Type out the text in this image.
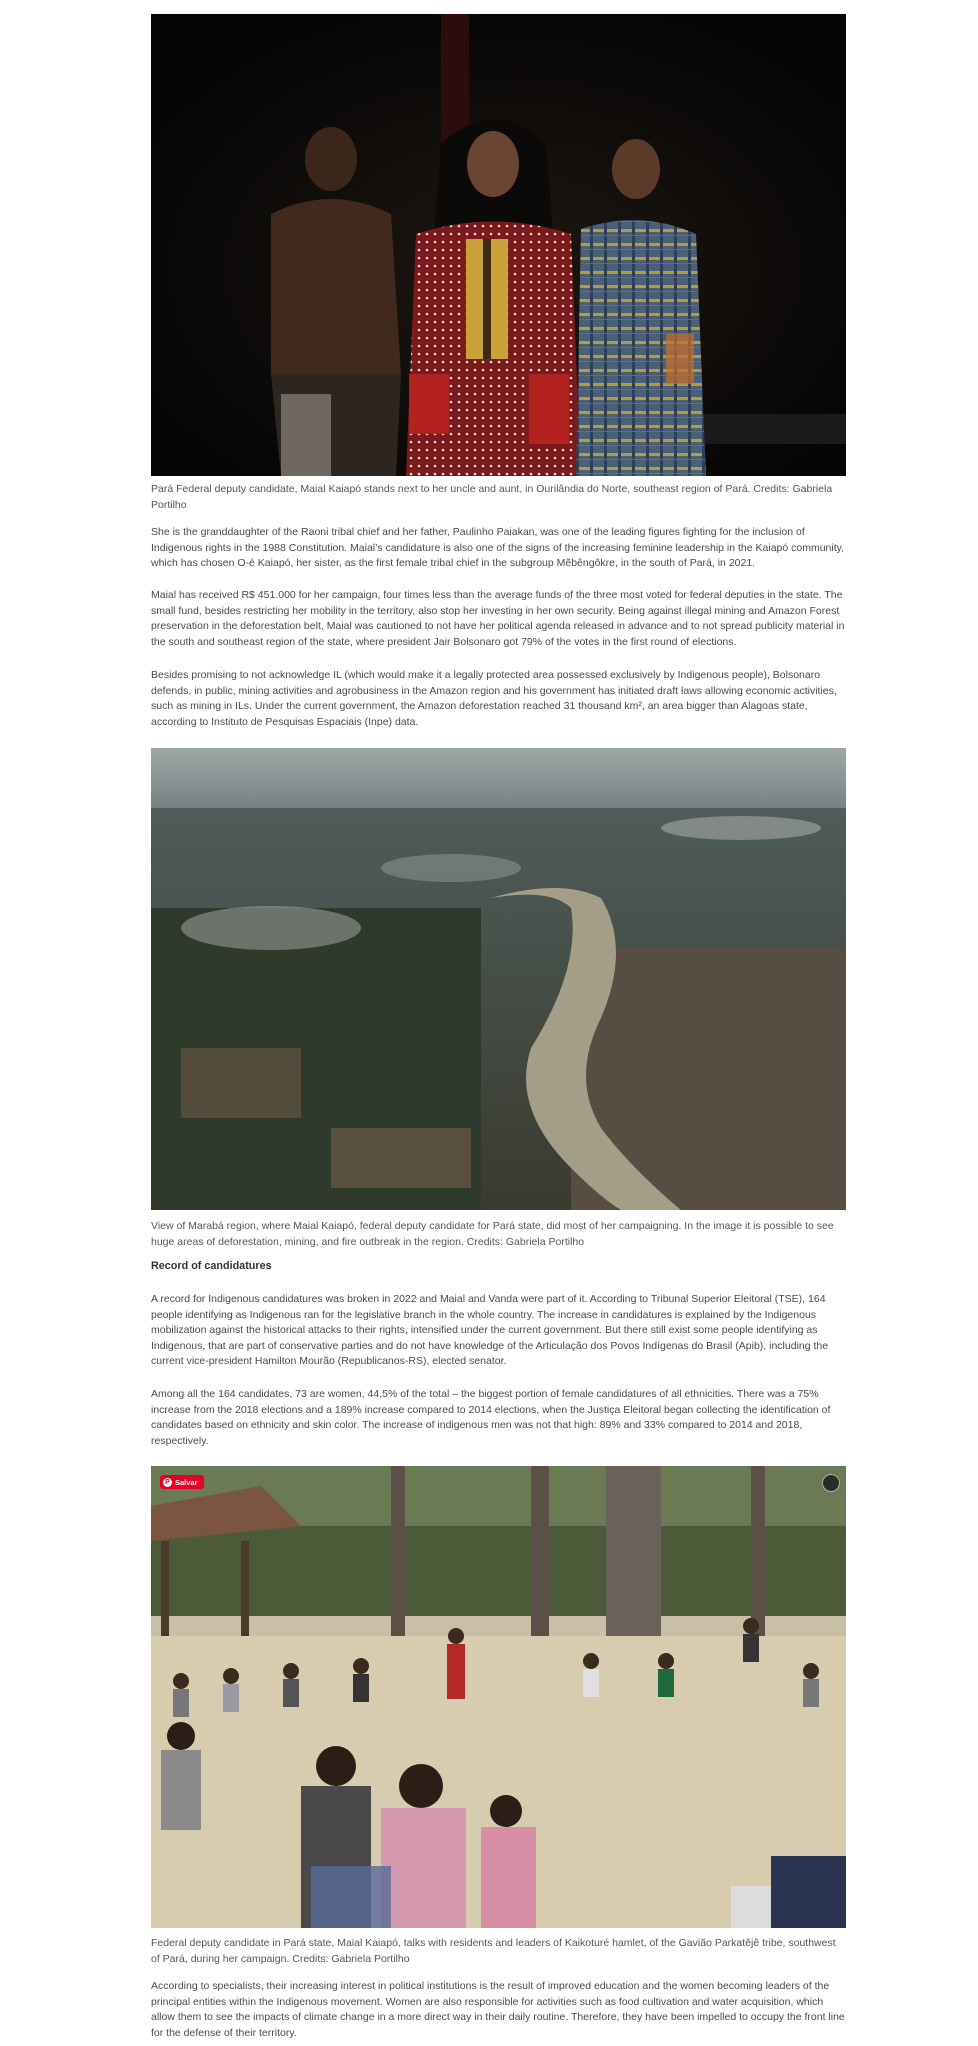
Pará Federal deputy candidate, Maial Kaiapó stands next to her uncle and aunt, in Ourilândia do Norte, southeast region of Pará. Credits: Gabriela Portilho
She is the granddaughter of the Raoni tribal chief and her father, Paulinho Paiakan, was one of the leading figures fighting for the inclusion of Indigenous rights in the 1988 Constitution. Maial’s candidature is also one of the signs of the increasing feminine leadership in the Kaiapó community, which has chosen O-é Kaiapó, her sister, as the first female tribal chief in the subgroup Mẽbêngôkre, in the south of Pará, in 2021.
Maial has received R$ 451.000 for her campaign, four times less than the average funds of the three most voted for federal deputies in the state. The small fund, besides restricting her mobility in the territory, also stop her investing in her own security. Being against illegal mining and Amazon Forest preservation in the deforestation belt, Maial was cautioned to not have her political agenda released in advance and to not spread publicity material in the south and southeast region of the state, where president Jair Bolsonaro got 79% of the votes in the first round of elections.
Besides promising to not acknowledge IL (which would make it a legally protected area possessed exclusively by Indigenous people), Bolsonaro defends, in public, mining activities and agrobusiness in the Amazon region and his government has initiated draft laws allowing economic activities, such as mining in ILs. Under the current government, the Amazon deforestation reached 31 thousand km², an area bigger than Alagoas state, according to Instituto de Pesquisas Espaciais (Inpe) data.
View of Marabá region, where Maial Kaiapó, federal deputy candidate for Pará state, did most of her campaigning. In the image it is possible to see huge areas of deforestation, mining, and fire outbreak in the region. Credits: Gabriela Portilho
Record of candidatures
A record for Indigenous candidatures was broken in 2022 and Maial and Vanda were part of it. According to Tribunal Superior Eleitoral (TSE), 164 people identifying as Indigenous ran for the legislative branch in the whole country. The increase in candidatures is explained by the Indigenous mobilization against the historical attacks to their rights, intensified under the current government. But there still exist some people identifying as Indigenous, that are part of conservative parties and do not have knowledge of the Articulação dos Povos Indígenas do Brasil (Apib), including the current vice-president Hamilton Mourão (Republicanos-RS), elected senator.
Among all the 164 candidates, 73 are women, 44,5% of the total – the biggest portion of female candidatures of all ethnicities. There was a 75% increase from the 2018 elections and a 189% increase compared to 2014 elections, when the Justiça Eleitoral began collecting the identification of candidates based on ethnicity and skin color. The increase of indigenous men was not that high: 89% and 33% compared to 2014 and 2018, respectively.
P Salvar
Federal deputy candidate in Pará state, Maial Kaiapó, talks with residents and leaders of Kaikoturé hamlet, of the Gavião Parkatêjê tribe, southwest of Pará, during her campaign. Credits: Gabriela Portilho
According to specialists, their increasing interest in political institutions is the result of improved education and the women becoming leaders of the principal entities within the Indigenous movement. Women are also responsible for activities such as food cultivation and water acquisition, which allow them to see the impacts of climate change in a more direct way in their daily routine. Therefore, they have been impelled to occupy the front line for the defense of their territory.
